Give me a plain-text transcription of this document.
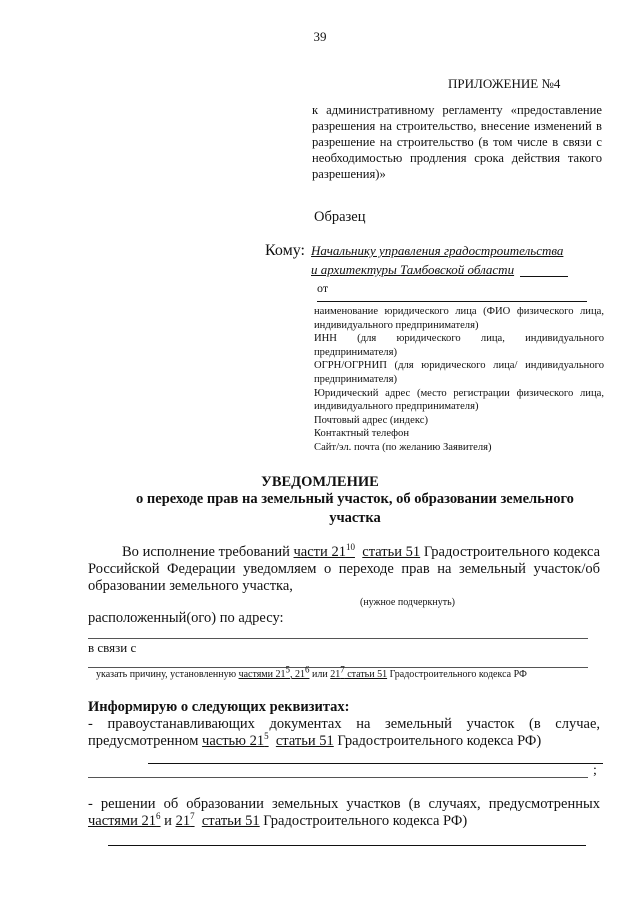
39
ПРИЛОЖЕНИЕ №4
к административному регламенту «предоставление разрешения на строительство, внесение изменений в разрешение на строительство (в том числе в связи с необходимостью продления срока действия такого разрешения)»
Образец
Кому: Начальнику управления градостроительства
и архитектуры Тамбовской области
от
наименование юридического лица (ФИО физического лица, индивидуального предпринимателя)
ИНН (для юридического лица, индивидуального предпринимателя)
ОГРН/ОГРНИП (для юридического лица/ индивидуального предпринимателя)
Юридический адрес (место регистрации физического лица, индивидуального предпринимателя)
Почтовый адрес (индекс)
Контактный телефон
Сайт/эл. почта (по желанию Заявителя)
УВЕДОМЛЕНИЕ
о переходе прав на земельный участок, об образовании земельного участка
Во исполнение требований части $21^{10}$ статьи 51 Градостроительного кодекса Российской Федерации уведомляем о переходе прав на земельный участок/об образовании земельного участка,
(нужное подчеркнуть)
расположенный(ого) по адресу:
в связи с
указать причину, установленную частями $21^5$, $21^6$ или $21^7$ статьи 51 Градостроительного кодекса РФ
Информирую о следующих реквизитах:
- правоустанавливающих документах на земельный участок (в случае, предусмотренном частью $21^5$ статьи 51 Градостроительного кодекса РФ)
;
- решении об образовании земельных участков (в случаях, предусмотренных частями $21^6$ и $21^7$ статьи 51 Градостроительного кодекса РФ)
